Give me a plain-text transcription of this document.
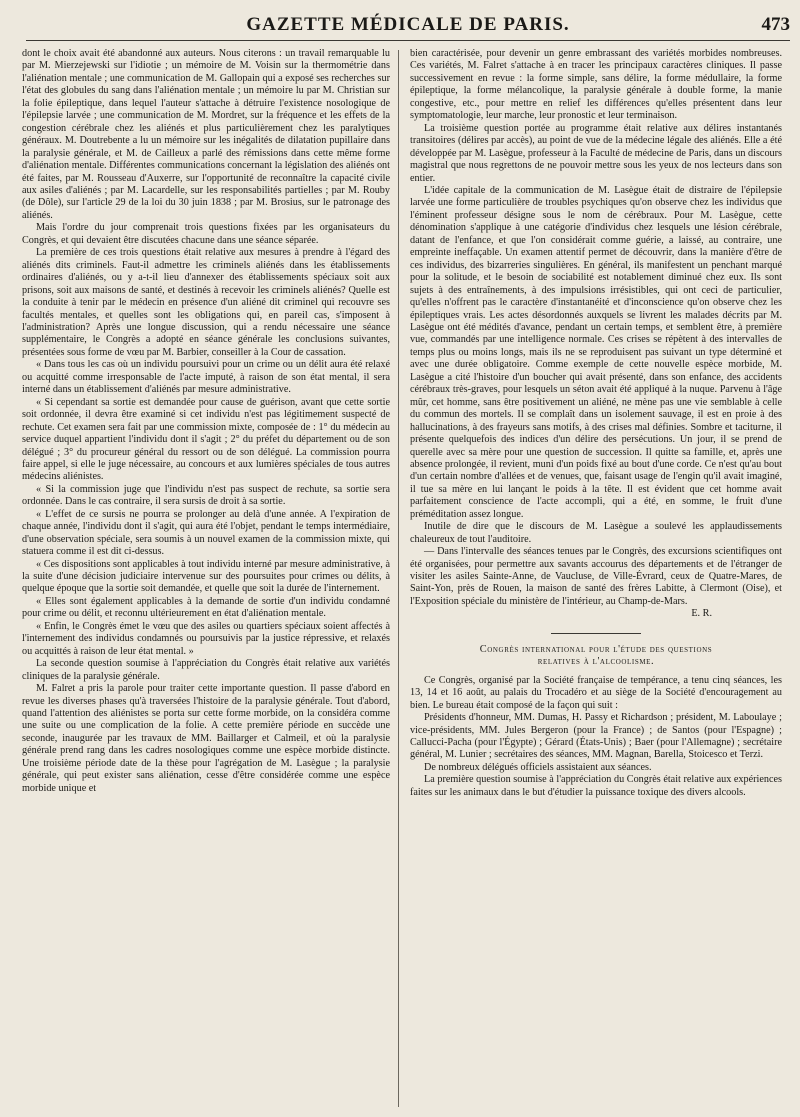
GAZETTE MÉDICALE DE PARIS.	473

dont le choix avait été abandonné aux auteurs. Nous citerons : un travail remarquable lu par M. Mierzejewski sur l'idiotie ; un mémoire de M. Voisin sur la thermométrie dans l'aliénation mentale ; une communication de M. Gallopain qui a exposé ses recherches sur l'état des globules du sang dans l'aliénation mentale ; un mémoire lu par M. Christian sur la folie épileptique, dans lequel l'auteur s'attache à détruire l'existence nosologique de l'épilepsie larvée ; une communication de M. Mordret, sur la fréquence et les effets de la congestion cérébrale chez les aliénés et plus particulièrement chez les paralytiques généraux. M. Doutrebente a lu un mémoire sur les inégalités de dilatation pupillaire dans la paralysie générale, et M. de Cailleux a parlé des rémissions dans cette même forme d'aliénation mentale. Différentes communications concernant la législation des aliénés ont été faites, par M. Rousseau d'Auxerre, sur l'opportunité de reconnaître la capacité civile aux asiles d'aliénés ; par M. Lacardelle, sur les responsabilités partielles ; par M. Rouby (de Dôle), sur l'article 29 de la loi du 30 juin 1838 ; par M. Brosius, sur le patronage des aliénés.

Mais l'ordre du jour comprenait trois questions fixées par les organisateurs du Congrès, et qui devaient être discutées chacune dans une séance séparée.

La première de ces trois questions était relative aux mesures à prendre à l'égard des aliénés dits criminels. Faut-il admettre les criminels aliénés dans les établissements ordinaires d'aliénés, ou y a-t-il lieu d'annexer des établissements spéciaux soit aux prisons, soit aux maisons de santé, et destinés à recevoir les criminels aliénés? Quelle est la conduite à tenir par le médecin en présence d'un aliéné dit criminel qui recouvre ses facultés mentales, et quelles sont les obligations qui, en pareil cas, s'imposent à l'administration? Après une longue discussion, qui a rendu nécessaire une séance supplémentaire, le Congrès a adopté en séance générale les conclusions suivantes, présentées sous forme de vœu par M. Barbier, conseiller à la Cour de cassation.

« Dans tous les cas où un individu poursuivi pour un crime ou un délit aura été relaxé ou acquitté comme irresponsable de l'acte imputé, à raison de son état mental, il sera interné dans un établissement d'aliénés par mesure administrative.

« Si cependant sa sortie est demandée pour cause de guérison, avant que cette sortie soit ordonnée, il devra être examiné si cet individu n'est pas légitimement suspecté de rechute. Cet examen sera fait par une commission mixte, composée de : 1° du médecin au service duquel appartient l'individu dont il s'agit ; 2° du préfet du département ou de son délégué ; 3° du procureur général du ressort ou de son délégué. La commission pourra faire appel, si elle le juge nécessaire, au concours et aux lumières spéciales de tous autres médecins aliénistes.

« Si la commission juge que l'individu n'est pas suspect de rechute, sa sortie sera ordonnée. Dans le cas contraire, il sera sursis de droit à sa sortie.

« L'effet de ce sursis ne pourra se prolonger au delà d'une année. A l'expiration de chaque année, l'individu dont il s'agit, qui aura été l'objet, pendant le temps intermédiaire, d'une observation spéciale, sera soumis à un nouvel examen de la commission mixte, qui statuera comme il est dit ci-dessus.

« Ces dispositions sont applicables à tout individu interné par mesure administrative, à la suite d'une décision judiciaire intervenue sur des poursuites pour crimes ou délits, à quelque époque que la sortie soit demandée, et quelle que soit la durée de l'internement.

« Elles sont également applicables à la demande de sortie d'un individu condamné pour crime ou délit, et reconnu ultérieurement en état d'aliénation mentale.

« Enfin, le Congrès émet le vœu que des asiles ou quartiers spéciaux soient affectés à l'internement des individus condamnés ou poursuivis par la justice répressive, et relaxés ou acquittés à raison de leur état mental. »

La seconde question soumise à l'appréciation du Congrès était relative aux variétés cliniques de la paralysie générale.

M. Falret a pris la parole pour traiter cette importante question. Il passe d'abord en revue les diverses phases qu'à traversées l'histoire de la paralysie générale. Tout d'abord, quand l'attention des aliénistes se porta sur cette forme morbide, on la considéra comme une suite ou une complication de la folie. A cette première période en succède une seconde, inaugurée par les travaux de MM. Baillarger et Calmeil, et où la paralysie générale prend rang dans les cadres nosologiques comme une espèce morbide distincte. Une troisième période date de la thèse pour l'agrégation de M. Lasègue ; la paralysie générale, qui peut exister sans aliénation, cesse d'être considérée comme une espèce morbide unique et

bien caractérisée, pour devenir un genre embrassant des variétés morbides nombreuses. Ces variétés, M. Falret s'attache à en tracer les principaux caractères cliniques. Il passe successivement en revue : la forme simple, sans délire, la forme médullaire, la forme épileptique, la forme mélancolique, la paralysie générale à double forme, la manie congestive, etc., pour mettre en relief les différences qu'elles présentent dans leur symptomatologie, leur marche, leur pronostic et leur terminaison.

La troisième question portée au programme était relative aux délires instantanés transitoires (délires par accès), au point de vue de la médecine légale des aliénés. Elle a été développée par M. Lasègue, professeur à la Faculté de médecine de Paris, dans un discours magistral que nous regrettons de ne pouvoir mettre sous les yeux de nos lecteurs dans son entier.

L'idée capitale de la communication de M. Lasègue était de distraire de l'épilepsie larvée une forme particulière de troubles psychiques qu'on observe chez les individus que l'éminent professeur désigne sous le nom de cérébraux. Pour M. Lasègue, cette dénomination s'applique à une catégorie d'individus chez lesquels une lésion cérébrale, datant de l'enfance, et que l'on considérait comme guérie, a laissé, au contraire, une empreinte ineffaçable. Un examen attentif permet de découvrir, dans la manière d'être de ces individus, des bizarreries singulières. En général, ils manifestent un penchant marqué pour la solitude, et le besoin de sociabilité est notablement diminué chez eux. Ils sont sujets à des entraînements, à des impulsions irrésistibles, qui ont ceci de particulier, qu'elles n'offrent pas le caractère d'instantanéité et d'inconscience qu'on observe chez les épileptiques vrais. Les actes désordonnés auxquels se livrent les malades décrits par M. Lasègue ont été médités d'avance, pendant un certain temps, et semblent être, à première vue, commandés par une intelligence normale. Ces crises se répètent à des intervalles de temps plus ou moins longs, mais ils ne se reproduisent pas suivant un type déterminé et avec une durée obligatoire. Comme exemple de cette nouvelle espèce morbide, M. Lasègue a cité l'histoire d'un boucher qui avait présenté, dans son enfance, des accidents cérébraux très-graves, pour lesquels un séton avait été appliqué à la nuque. Parvenu à l'âge mûr, cet homme, sans être positivement un aliéné, ne mène pas une vie semblable à celle du commun des mortels. Il se complaît dans un isolement sauvage, il est en proie à des hallucinations, à des frayeurs sans motifs, à des crises mal définies. Sombre et taciturne, il présente quelquefois des indices d'un délire des persécutions. Un jour, il se prend de querelle avec sa mère pour une question de succession. Il quitte sa famille, et, après une absence prolongée, il revient, muni d'un poids fixé au bout d'une corde. Ce n'est qu'au bout d'un certain nombre d'allées et de venues, que, faisant usage de l'engin qu'il avait imaginé, il tue sa mère en lui lançant le poids à la tête. Il est évident que cet homme avait parfaitement conscience de l'acte accompli, qui a été, en somme, le fruit d'une préméditation assez longue.

Inutile de dire que le discours de M. Lasègue a soulevé les applaudissements chaleureux de tout l'auditoire.

— Dans l'intervalle des séances tenues par le Congrès, des excursions scientifiques ont été organisées, pour permettre aux savants accourus des départements et de l'étranger de visiter les asiles Sainte-Anne, de Vaucluse, de Ville-Évrard, ceux de Quatre-Mares, de Saint-Yon, près de Rouen, la maison de santé des frères Labitte, à Clermont (Oise), et l'Exposition spéciale du ministère de l'intérieur, au Champ-de-Mars.

E. R.

Congrès international pour l'étude des questions
relatives à l'alcoolisme.

Ce Congrès, organisé par la Société française de tempérance, a tenu cinq séances, les 13, 14 et 16 août, au palais du Trocadéro et au siège de la Société d'encouragement au bien. Le bureau était composé de la façon qui suit :

Présidents d'honneur, MM. Dumas, H. Passy et Richardson ; président, M. Laboulaye ; vice-présidents, MM. Jules Bergeron (pour la France) ; de Santos (pour l'Espagne) ; Callucci-Pacha (pour l'Égypte) ; Gérard (États-Unis) ; Baer (pour l'Allemagne) ; secrétaire général, M. Lunier ; secrétaires des séances, MM. Magnan, Barella, Stoicesco et Terzi.

De nombreux délégués officiels assistaient aux séances.

La première question soumise à l'appréciation du Congrès était relative aux expériences faites sur les animaux dans le but d'étudier la puissance toxique des divers alcools.
